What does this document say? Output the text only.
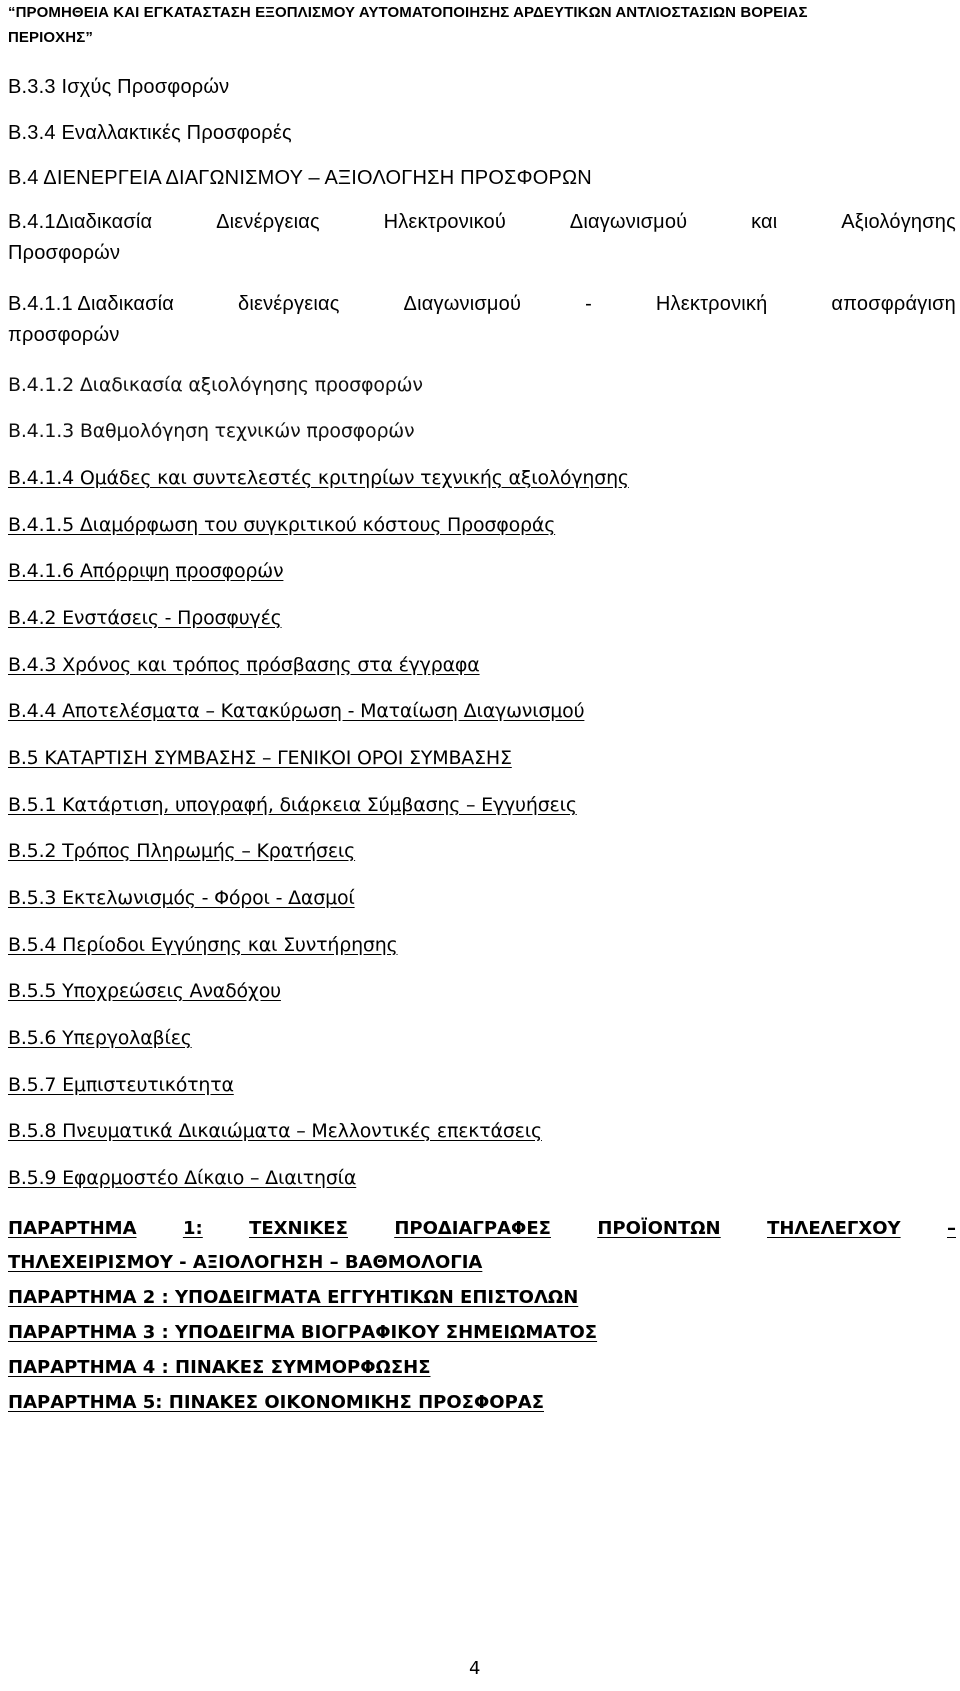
“ΠΡΟΜΗΘΕΙΑ ΚΑΙ ΕΓΚΑΤΑΣΤΑΣΗ ΕΞΟΠΛΙΣΜΟΥ ΑΥΤΟΜΑΤΟΠΟΙΗΣΗΣ ΑΡΔΕΥΤΙΚΩΝ ΑΝΤΛΙΟΣΤΑΣΙΩΝ ΒΟΡΕΙΑΣ
ΠΕΡΙΟΧΗΣ”
Β.3.3 Ισχύς Προσφορών
Β.3.4 Εναλλακτικές Προσφορές
Β.4 ΔΙΕΝΕΡΓΕΙΑ ΔΙΑΓΩΝΙΣΜΟΥ – ΑΞΙΟΛΟΓΗΣΗ ΠΡΟΣΦΟΡΩΝ
Β.4.1Διαδικασία	Διενέργειας	Ηλεκτρονικού	Διαγωνισμού	και	Αξιολόγησης
Προσφορών
Β.4.1.1 Διαδικασία	διενέργειας	Διαγωνισμού	-	Ηλεκτρονική	αποσφράγιση
προσφορών
Β.4.1.2 Διαδικασία αξιολόγησης προσφορών
Β.4.1.3 Βαθμολόγηση τεχνικών προσφορών
Β.4.1.4 Ομάδες και συντελεστές κριτηρίων τεχνικής αξιολόγησης
Β.4.1.5 Διαμόρφωση του συγκριτικού κόστους Προσφοράς
Β.4.1.6 Απόρριψη προσφορών
Β.4.2 Ενστάσεις - Προσφυγές
Β.4.3 Χρόνος και τρόπος πρόσβασης στα έγγραφα
Β.4.4 Αποτελέσματα – Κατακύρωση - Ματαίωση Διαγωνισμού
Β.5 ΚΑΤΑΡΤΙΣΗ ΣΥΜΒΑΣΗΣ – ΓΕΝΙΚΟΙ ΟΡΟΙ ΣΥΜΒΑΣΗΣ
Β.5.1 Κατάρτιση, υπογραφή, διάρκεια Σύμβασης – Εγγυήσεις
Β.5.2 Τρόπος Πληρωμής – Κρατήσεις
Β.5.3 Εκτελωνισμός - Φόροι - Δασμοί
Β.5.4 Περίοδοι Εγγύησης και Συντήρησης
Β.5.5 Υποχρεώσεις Αναδόχου
Β.5.6 Υπεργολαβίες
Β.5.7 Εμπιστευτικότητα
Β.5.8 Πνευματικά Δικαιώματα – Μελλοντικές επεκτάσεις
Β.5.9 Εφαρμοστέο Δίκαιο – Διαιτησία
ΠΑΡΑΡΤΗΜΑ	1:	ΤΕΧΝΙΚΕΣ	ΠΡΟΔΙΑΓΡΑΦΕΣ	ΠΡΟΪΟΝΤΩΝ	ΤΗΛΕΛΕΓΧΟΥ	–
ΤΗΛΕΧΕΙΡΙΣΜΟΥ - ΑΞΙΟΛΟΓΗΣΗ – ΒΑΘΜΟΛΟΓΙΑ
ΠΑΡΑΡΤΗΜΑ 2 : ΥΠΟΔΕΙΓΜΑΤΑ ΕΓΓΥΗΤΙΚΩΝ ΕΠΙΣΤΟΛΩΝ
ΠΑΡΑΡΤΗΜΑ 3 : ΥΠΟΔΕΙΓΜΑ ΒΙΟΓΡΑΦΙΚΟΥ ΣΗΜΕΙΩΜΑΤΟΣ
ΠΑΡΑΡΤΗΜΑ 4 : ΠΙΝΑΚΕΣ ΣΥΜΜΟΡΦΩΣΗΣ
ΠΑΡΑΡΤΗΜΑ 5: ΠΙΝΑΚΕΣ ΟΙΚΟΝΟΜΙΚΗΣ ΠΡΟΣΦΟΡΑΣ
4
